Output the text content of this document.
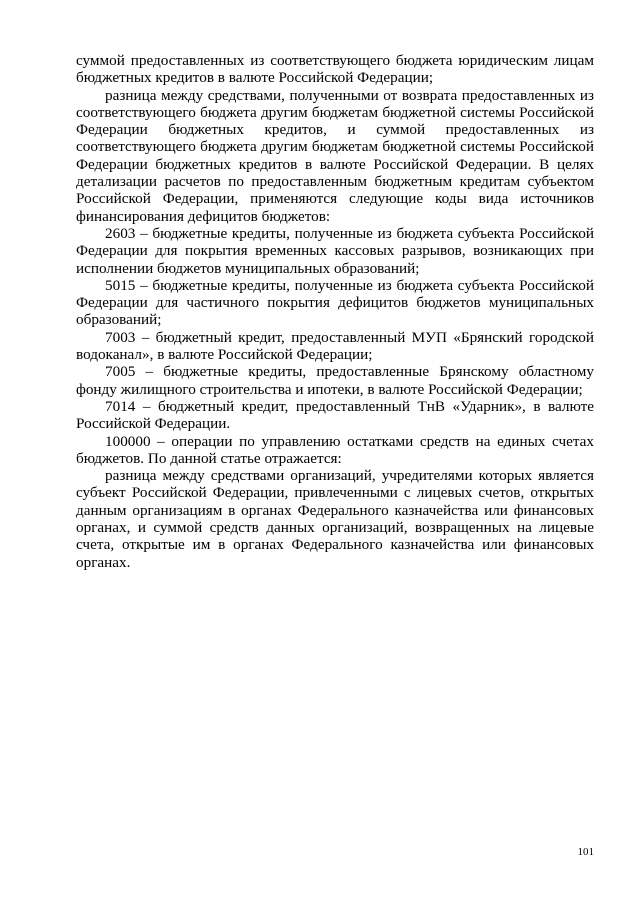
суммой предоставленных из соответствующего бюджета юридическим лицам бюджетных кредитов в валюте Российской Федерации;

разница между средствами, полученными от возврата предоставленных из соответствующего бюджета другим бюджетам бюджетной системы Российской Федерации бюджетных кредитов, и суммой предоставленных из соответствующего бюджета другим бюджетам бюджетной системы Российской Федерации бюджетных кредитов в валюте Российской Федерации. В целях детализации расчетов по предоставленным бюджетным кредитам субъектом Российской Федерации, применяются следующие коды вида источников финансирования дефицитов бюджетов:

2603 – бюджетные кредиты, полученные из бюджета субъекта Российской Федерации для покрытия временных кассовых разрывов, возникающих при исполнении бюджетов муниципальных образований;

5015 – бюджетные кредиты, полученные из бюджета субъекта Российской Федерации для частичного покрытия дефицитов бюджетов муниципальных образований;

7003 – бюджетный кредит, предоставленный МУП «Брянский городской водоканал», в валюте Российской Федерации;

7005 – бюджетные кредиты, предоставленные Брянскому областному фонду жилищного строительства и ипотеки, в валюте Российской Федерации;

7014 – бюджетный кредит, предоставленный ТнВ «Ударник», в валюте Российской Федерации.

100000 – операции по управлению остатками средств на единых счетах бюджетов. По данной статье отражается:

разница между средствами организаций, учредителями которых является субъект Российской Федерации, привлеченными с лицевых счетов, открытых данным организациям в органах Федерального казначейства или финансовых органах, и суммой средств данных организаций, возвращенных на лицевые счета, открытые им в органах Федерального казначейства или финансовых органах.

101
